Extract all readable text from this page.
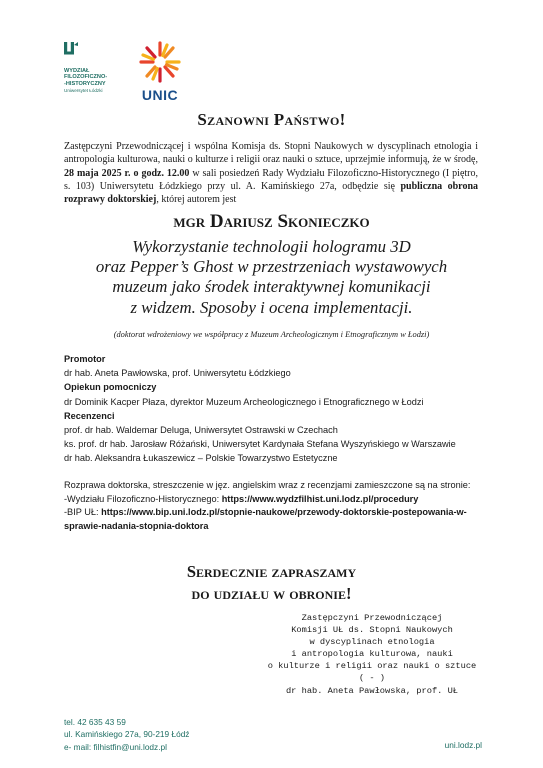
WYDZIAŁ
FILOZOFICZNO-
-HISTORYCZNY
Uniwersytet Łódzki	UNIC
Szanowni Państwo!
Zastępczyni Przewodniczącej i wspólna Komisja ds. Stopni Naukowych w dyscyplinach etnologia i antropologia kulturowa, nauki o kulturze i religii oraz nauki o sztuce, uprzejmie informują, że w środę, 28 maja 2025 r. o godz. 12.00 w sali posiedzeń Rady Wydziału Filozoficzno-Historycznego (I piętro, s. 103) Uniwersytetu Łódzkiego przy ul. A. Kamińskiego 27a, odbędzie się publiczna obrona rozprawy doktorskiej, której autorem jest
mgr Dariusz Skonieczko
Wykorzystanie technologii hologramu 3D
oraz Pepper’s Ghost w przestrzeniach wystawowych
muzeum jako środek interaktywnej komunikacji
z widzem. Sposoby i ocena implementacji.
(doktorat wdrożeniowy we współpracy z Muzeum Archeologicznym i Etnograficznym w Łodzi)
Promotor
dr hab. Aneta Pawłowska, prof. Uniwersytetu Łódzkiego
Opiekun pomocniczy
dr Dominik Kacper Płaza, dyrektor Muzeum Archeologicznego i Etnograficznego w Łodzi
Recenzenci
prof. dr hab. Waldemar Deluga, Uniwersytet Ostrawski w Czechach
ks. prof. dr hab. Jarosław Różański, Uniwersytet Kardynała Stefana Wyszyńskiego w Warszawie
dr hab. Aleksandra Łukaszewicz – Polskie Towarzystwo Estetyczne
Rozprawa doktorska, streszczenie w jęz. angielskim wraz z recenzjami zamieszczone są na stronie:
-Wydziału Filozoficzno-Historycznego: https://www.wydzfilhist.uni.lodz.pl/procedury
-BIP UŁ: https://www.bip.uni.lodz.pl/stopnie-naukowe/przewody-doktorskie-postepowania-w-sprawie-nadania-stopnia-doktora
Serdecznie zapraszamy
do udziału w obronie!
Zastępczyni Przewodniczącej
Komisji UŁ ds. Stopni Naukowych
w dyscyplinach etnologia
i antropologia kulturowa, nauki
o kulturze i religii oraz nauki o sztuce
( - )
dr hab. Aneta Pawłowska, prof. UŁ
tel. 42 635 43 59
ul. Kamińskiego 27a, 90-219 Łódź
e- mail: filhistfin@uni.lodz.pl	uni.lodz.pl
